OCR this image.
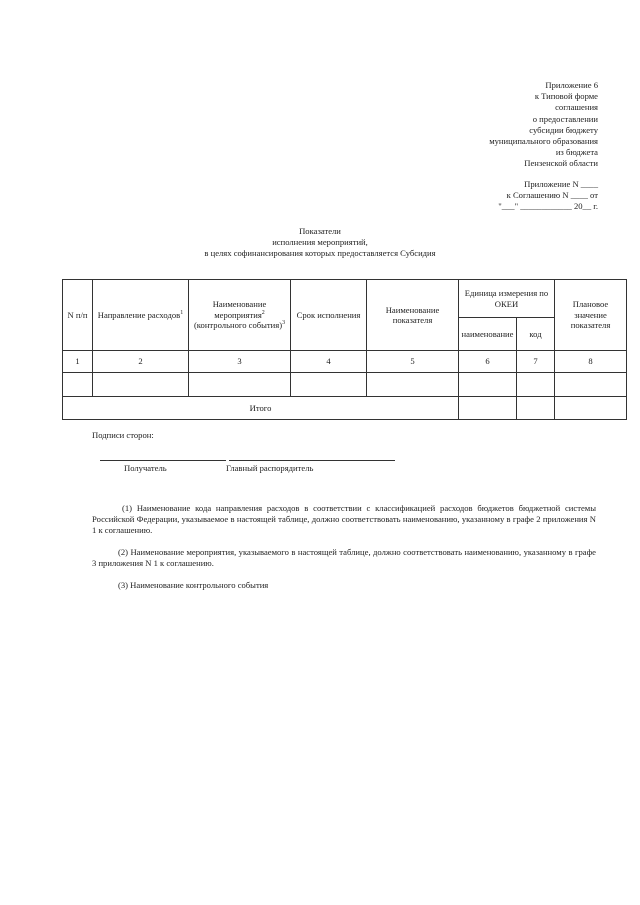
Приложение 6
к Типовой форме
соглашения
о предоставлении
субсидии бюджету
муниципального образования
из бюджета
Пензенской области
Приложение N ____
к Соглашению N ____ от
"___" ____________ 20__ г.
Показатели
исполнения мероприятий,
в целях софинансирования которых предоставляется Субсидия
N п/п	Направление расходов$^1$	Наименование мероприятия$^2$
(контрольного события)$^3$	Срок исполнения	Наименование показателя	Единица измерения по ОКЕИ		Плановое значение показателя
					наименование	код	
1	2	3	4	5	6	7	8

Итого							
Подписи сторон:
Получатель	Главный распорядитель
(1) Наименование кода направления расходов в соответствии с классификацией расходов бюджетов бюджетной системы Российской Федерации, указываемое в настоящей таблице, должно соответствовать наименованию, указанному в графе 2 приложения N 1 к соглашению.
(2) Наименование мероприятия, указываемого в настоящей таблице, должно соответствовать наименованию, указанному в графе 3 приложения N 1 к соглашению.
(3) Наименование контрольного события
